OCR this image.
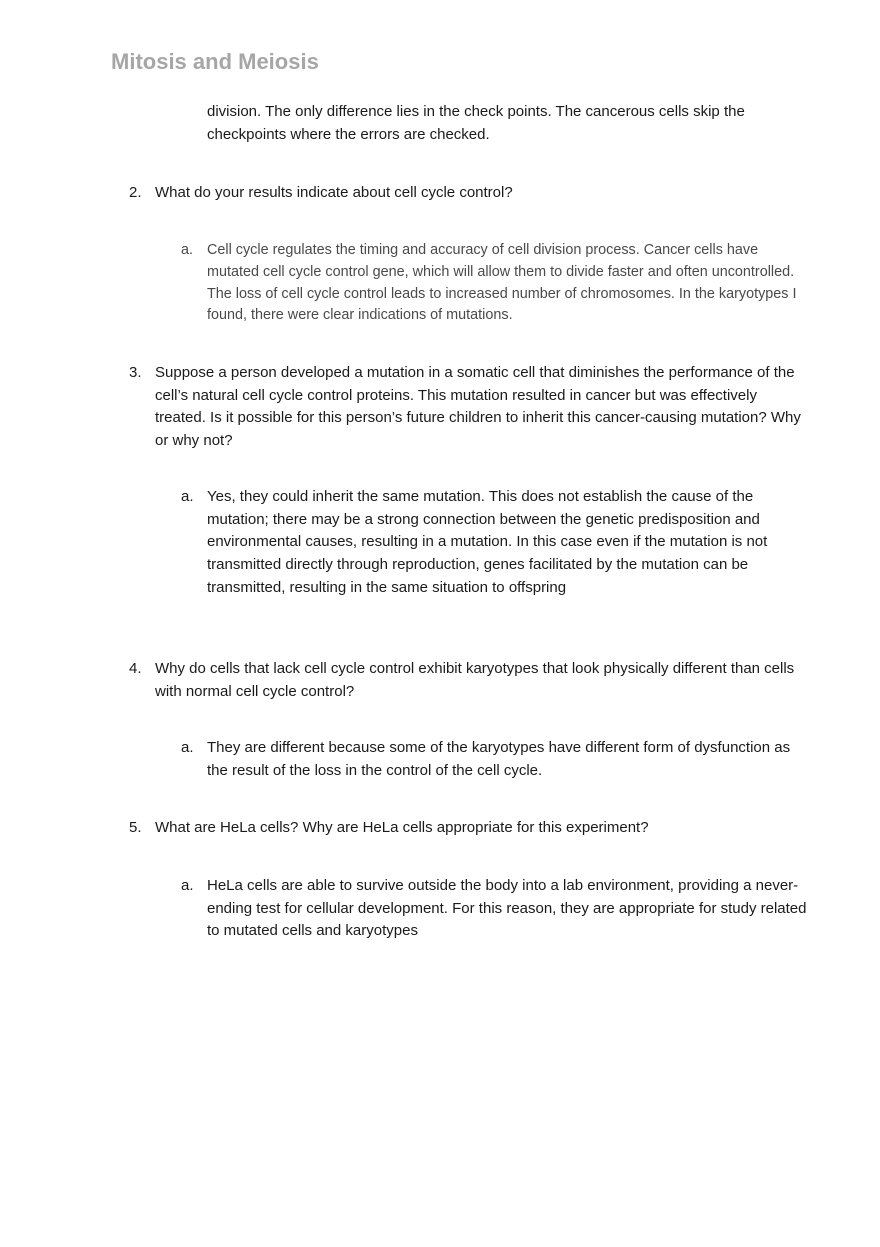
Mitosis and Meiosis

division. The only difference lies in the check points. The cancerous cells skip the checkpoints where the errors are checked.

2. What do your results indicate about cell cycle control?
a. Cell cycle regulates the timing and accuracy of cell division process. Cancer cells have mutated cell cycle control gene, which will allow them to divide faster and often uncontrolled. The loss of cell cycle control leads to increased number of chromosomes. In the karyotypes I found, there were clear indications of mutations.
3. Suppose a person developed a mutation in a somatic cell that diminishes the performance of the cell’s natural cell cycle control proteins. This mutation resulted in cancer but was effectively treated. Is it possible for this person’s future children to inherit this cancer-causing mutation? Why or why not?
a. Yes, they could inherit the same mutation. This does not establish the cause of the mutation; there may be a strong connection between the genetic predisposition and environmental causes, resulting in a mutation. In this case even if the mutation is not transmitted directly through reproduction, genes facilitated by the mutation can be transmitted, resulting in the same situation to offspring
4. Why do cells that lack cell cycle control exhibit karyotypes that look physically different than cells with normal cell cycle control?
a. They are different because some of the karyotypes have different form of dysfunction as the result of the loss in the control of the cell cycle.
5. What are HeLa cells? Why are HeLa cells appropriate for this experiment?
a. HeLa cells are able to survive outside the body into a lab environment, providing a never-ending test for cellular development. For this reason, they are appropriate for study related to mutated cells and karyotypes
